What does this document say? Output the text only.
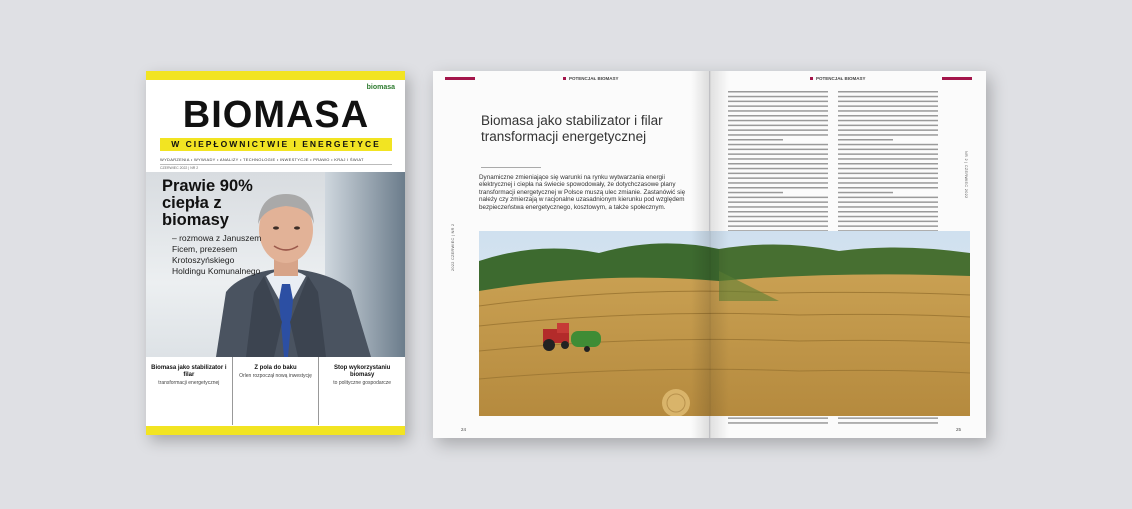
biomasa
BIOMASA
W CIEPŁOWNICTWIE I ENERGETYCE
WYDARZENIA • WYWIADY • ANALIZY • TECHNOLOGIE • INWESTYCJE • PRAWO • KRAJ I ŚWIAT
CZERWIEC 2022 | NR 2
Prawie 90% ciepła z biomasy
– rozmowa z Januszem Ficem, prezesem Krotoszyńskiego Holdingu Komunalnego
Biomasa jako stabilizator i filar
transformacji energetycznej
Z pola do baku
Orlen rozpoczął nową inwestycję
Stop wykorzystaniu biomasy
to polityczne gospodarcze
POTENCJAŁ BIOMASY
Biomasa jako stabilizator i filar transformacji energetycznej
Dynamiczne zmieniające się warunki na rynku wytwarzania energii elektrycznej i ciepła na świecie spowodowały, że dotychczasowe plany transformacji energetycznej w Polsce muszą ulec zmianie. Zastanówić się należy czy zmierzają w racjonalne uzasadnionym kierunku pod względem bezpieczeństwa energetycznego, kosztowym, a także społecznym.
2022 CZERWIEC | NR 2
24
POTENCJAŁ BIOMASY
NR 2 | CZERWIEC 2022
25
